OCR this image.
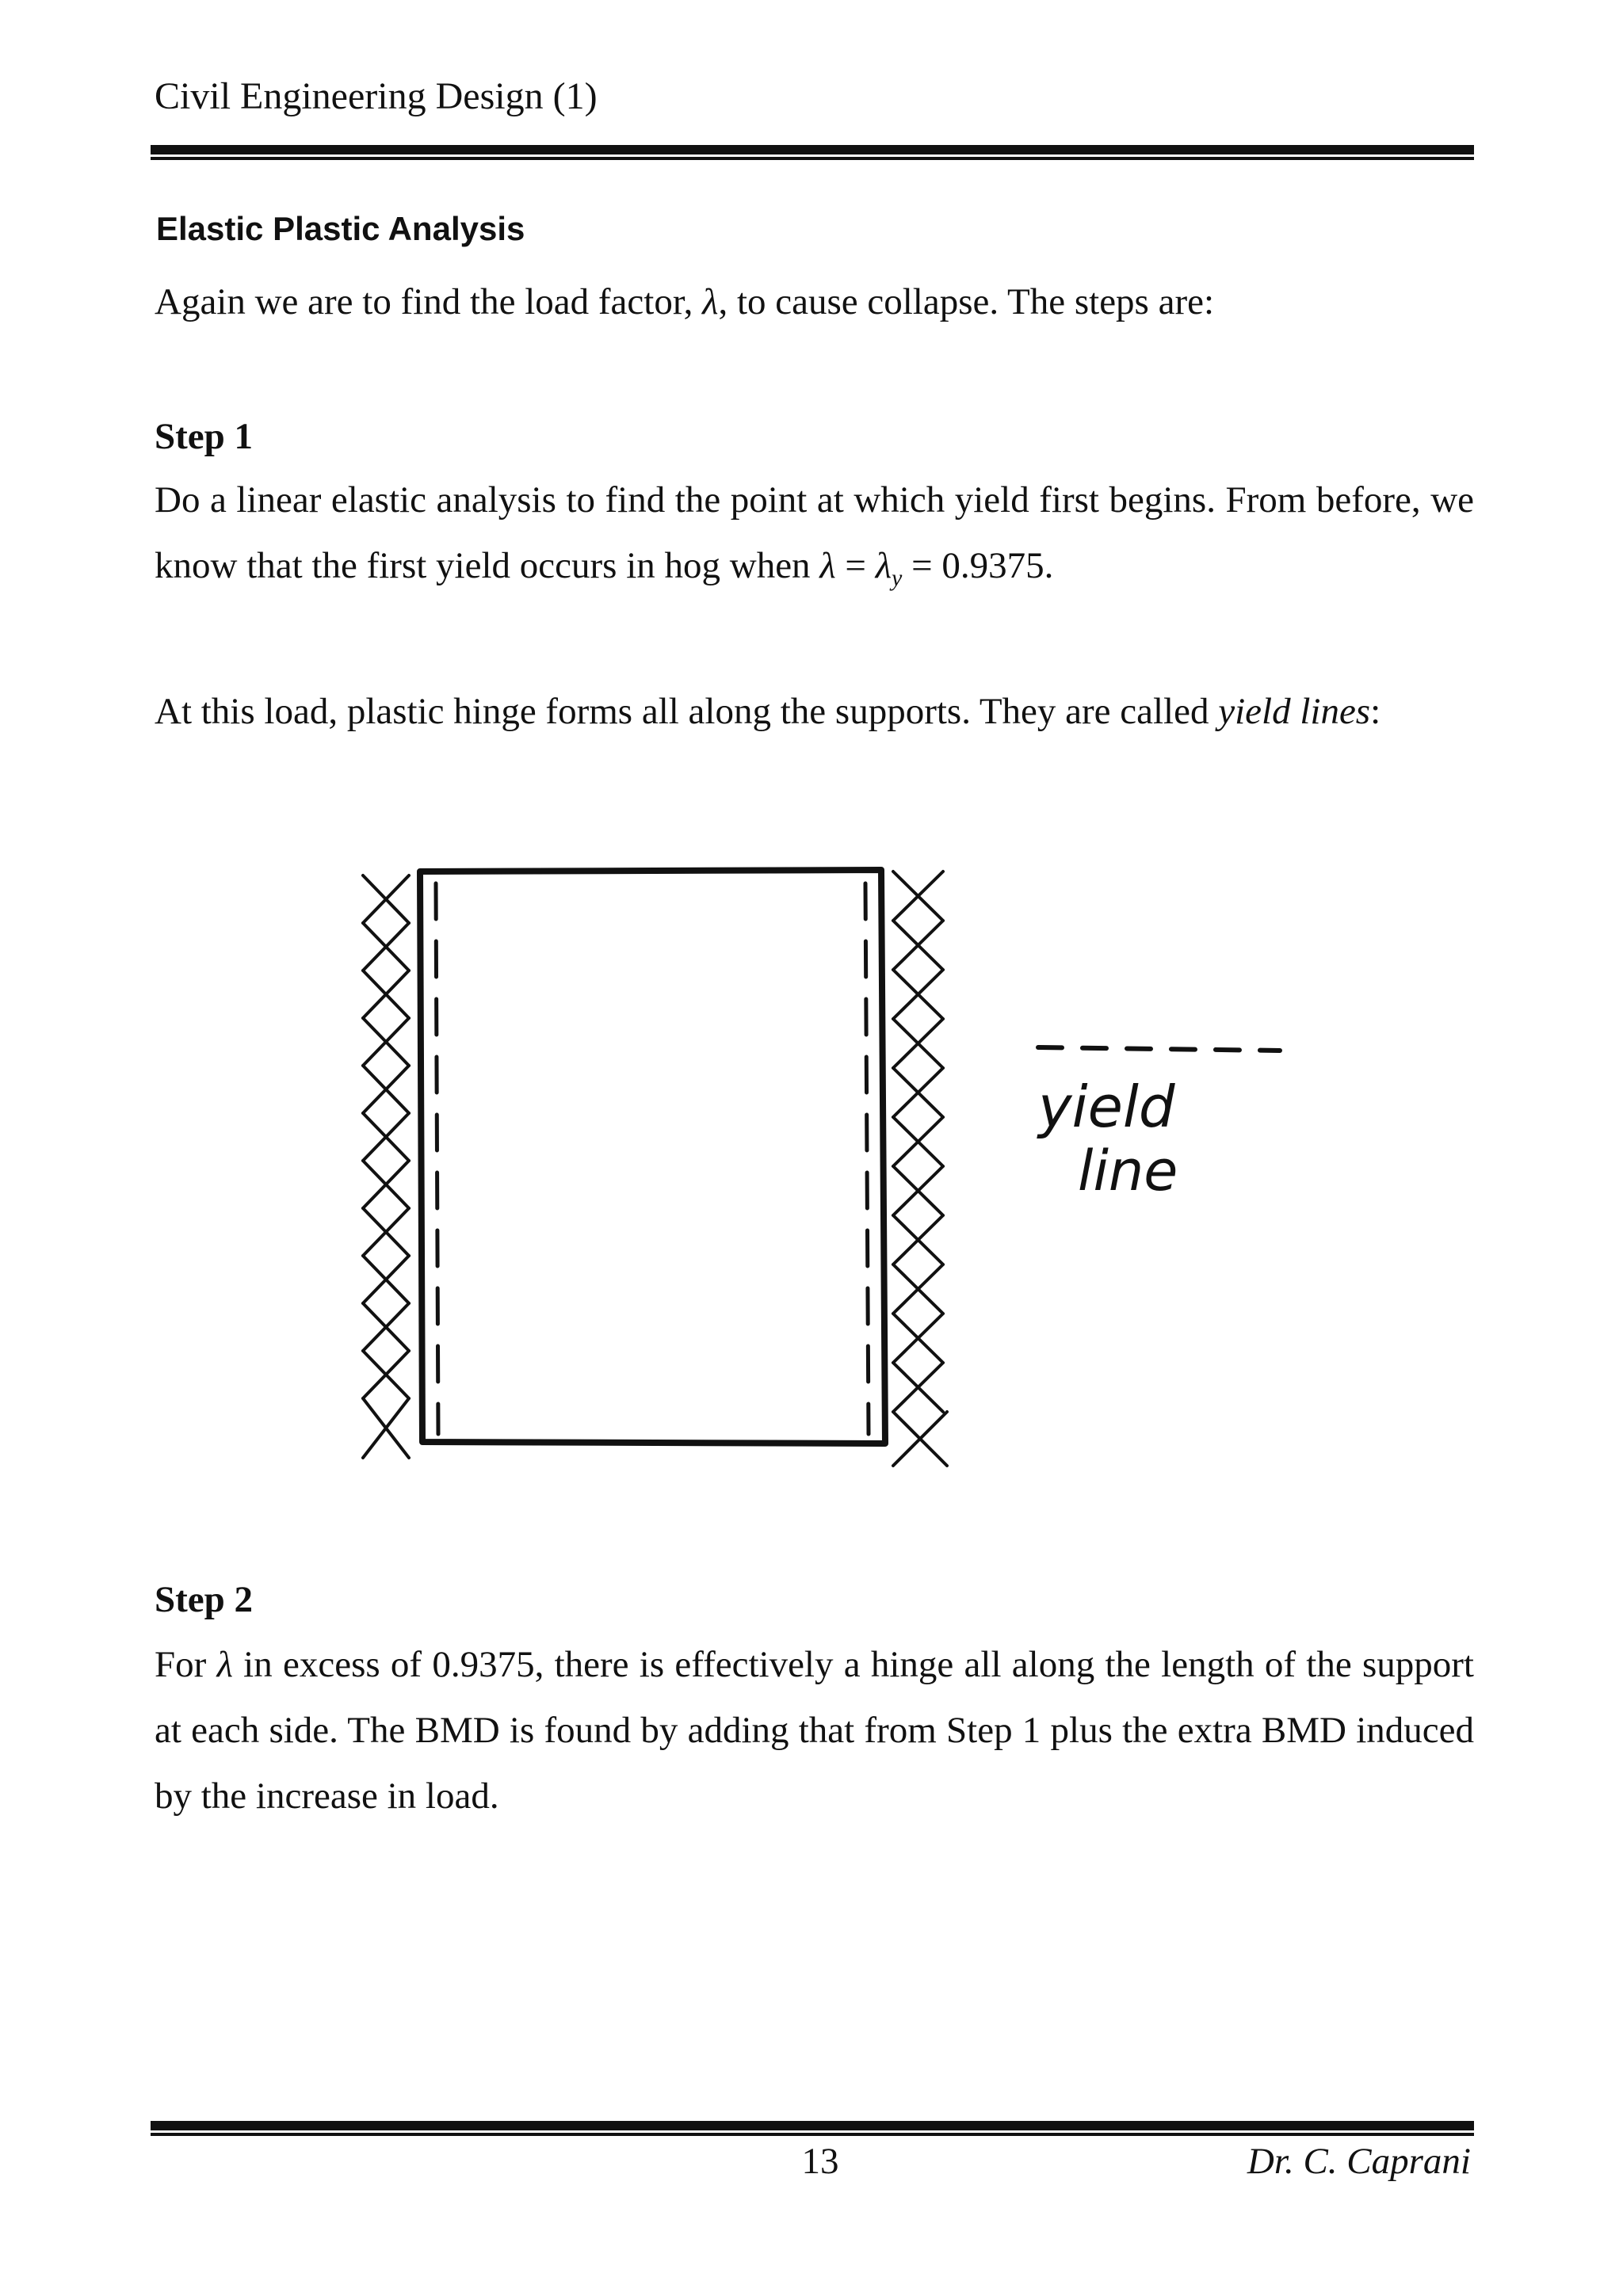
Civil Engineering Design (1)
Elastic Plastic Analysis
Again we are to find the load factor, λ, to cause collapse. The steps are:
Step 1
Do a linear elastic analysis to find the point at which yield first begins. From before, we know that the first yield occurs in hog when $\lambda = \lambda_y = 0.9375$.
At this load, plastic hinge forms all along the supports. They are called yield lines:
yield
line
Step 2
For λ in excess of 0.9375, there is effectively a hinge all along the length of the support at each side. The BMD is found by adding that from Step 1 plus the extra BMD induced by the increase in load.
13	Dr. C. Caprani
